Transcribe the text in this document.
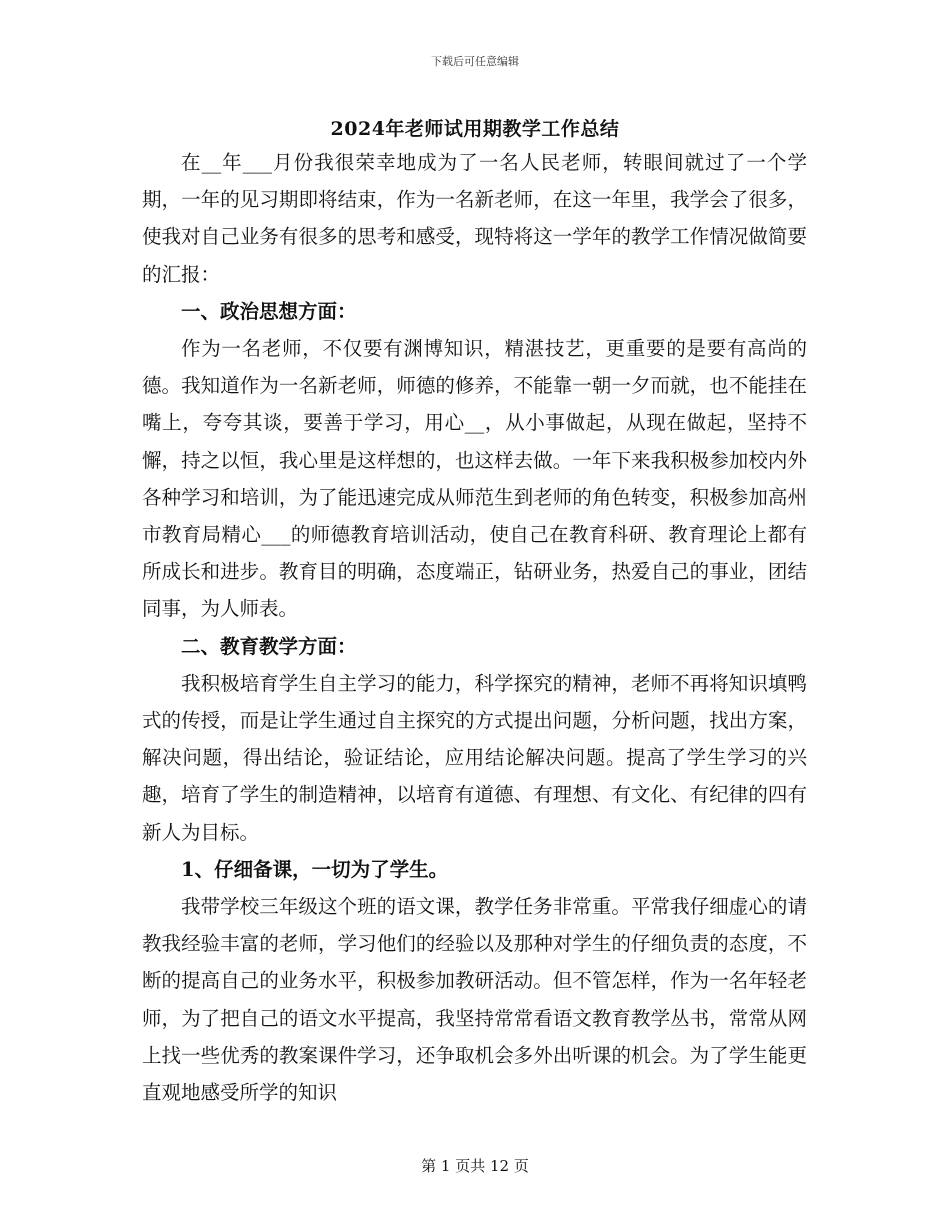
下载后可任意编辑
2024年老师试用期教学工作总结

在__年___月份我很荣幸地成为了一名人民老师，转眼间就过了一个学期，一年的见习期即将结束，作为一名新老师，在这一年里，我学会了很多，使我对自己业务有很多的思考和感受，现特将这一学年的教学工作情况做简要的汇报：

一、政治思想方面：

作为一名老师，不仅要有渊博知识，精湛技艺，更重要的是要有高尚的德。我知道作为一名新老师，师德的修养，不能靠一朝一夕而就，也不能挂在嘴上，夸夸其谈，要善于学习，用心__，从小事做起，从现在做起，坚持不懈，持之以恒，我心里是这样想的，也这样去做。一年下来我积极参加校内外各种学习和培训，为了能迅速完成从师范生到老师的角色转变，积极参加高州市教育局精心___的师德教育培训活动，使自己在教育科研、教育理论上都有所成长和进步。教育目的明确，态度端正，钻研业务，热爱自己的事业，团结同事，为人师表。

二、教育教学方面：

我积极培育学生自主学习的能力，科学探究的精神，老师不再将知识填鸭式的传授，而是让学生通过自主探究的方式提出问题，分析问题，找出方案，解决问题，得出结论，验证结论，应用结论解决问题。提高了学生学习的兴趣，培育了学生的制造精神，以培育有道德、有理想、有文化、有纪律的四有新人为目标。

1、仔细备课，一切为了学生。

我带学校三年级这个班的语文课，教学任务非常重。平常我仔细虚心的请教我经验丰富的老师，学习他们的经验以及那种对学生的仔细负责的态度，不断的提高自己的业务水平，积极参加教研活动。但不管怎样，作为一名年轻老师，为了把自己的语文水平提高，我坚持常常看语文教育教学丛书，常常从网上找一些优秀的教案课件学习，还争取机会多外出听课的机会。为了学生能更直观地感受所学的知识

第 1 页共 12 页
